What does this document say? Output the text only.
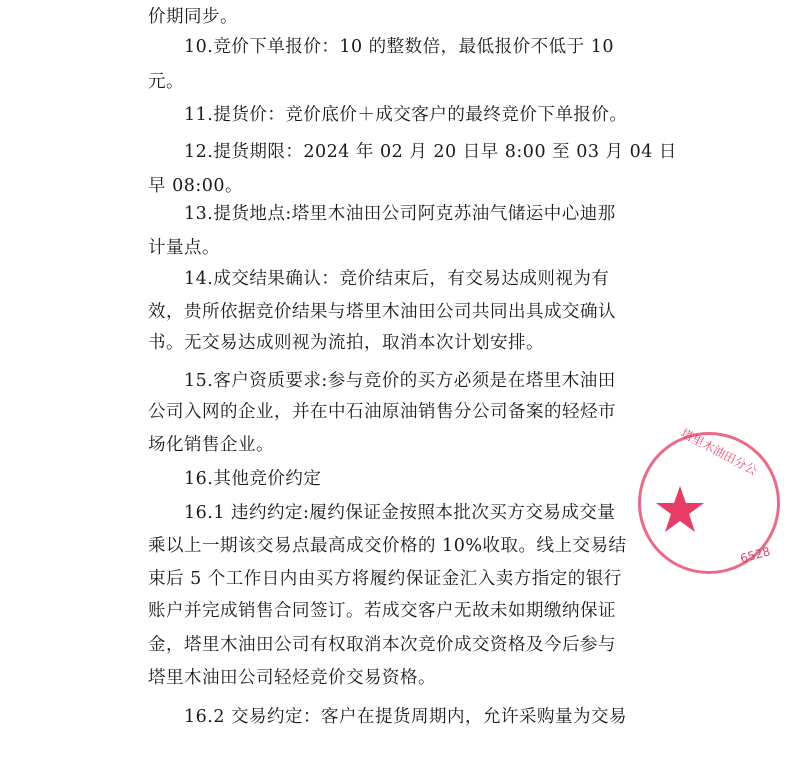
价期同步。
10.竞价下单报价：10 的整数倍，最低报价不低于 10
元。
11.提货价：竞价底价＋成交客户的最终竞价下单报价。
12.提货期限：2024 年 02 月 20 日早 8:00 至 03 月 04 日
早 08:00。
13.提货地点:塔里木油田公司阿克苏油气储运中心迪那
计量点。
14.成交结果确认：竞价结束后，有交易达成则视为有
效，贵所依据竞价结果与塔里木油田公司共同出具成交确认
书。无交易达成则视为流拍，取消本次计划安排。
15.客户资质要求:参与竞价的买方必须是在塔里木油田
公司入网的企业，并在中石油原油销售分公司备案的轻烃市
场化销售企业。
16.其他竞价约定
16.1 违约约定:履约保证金按照本批次买方交易成交量
乘以上一期该交易点最高成交价格的 10%收取。线上交易结
束后 5 个工作日内由买方将履约保证金汇入卖方指定的银行
账户并完成销售合同签订。若成交客户无故未如期缴纳保证
金，塔里木油田公司有权取消本次竞价成交资格及今后参与
塔里木油田公司轻烃竞价交易资格。
16.2 交易约定：客户在提货周期内，允许采购量为交易
塔里木油田分公
6528
